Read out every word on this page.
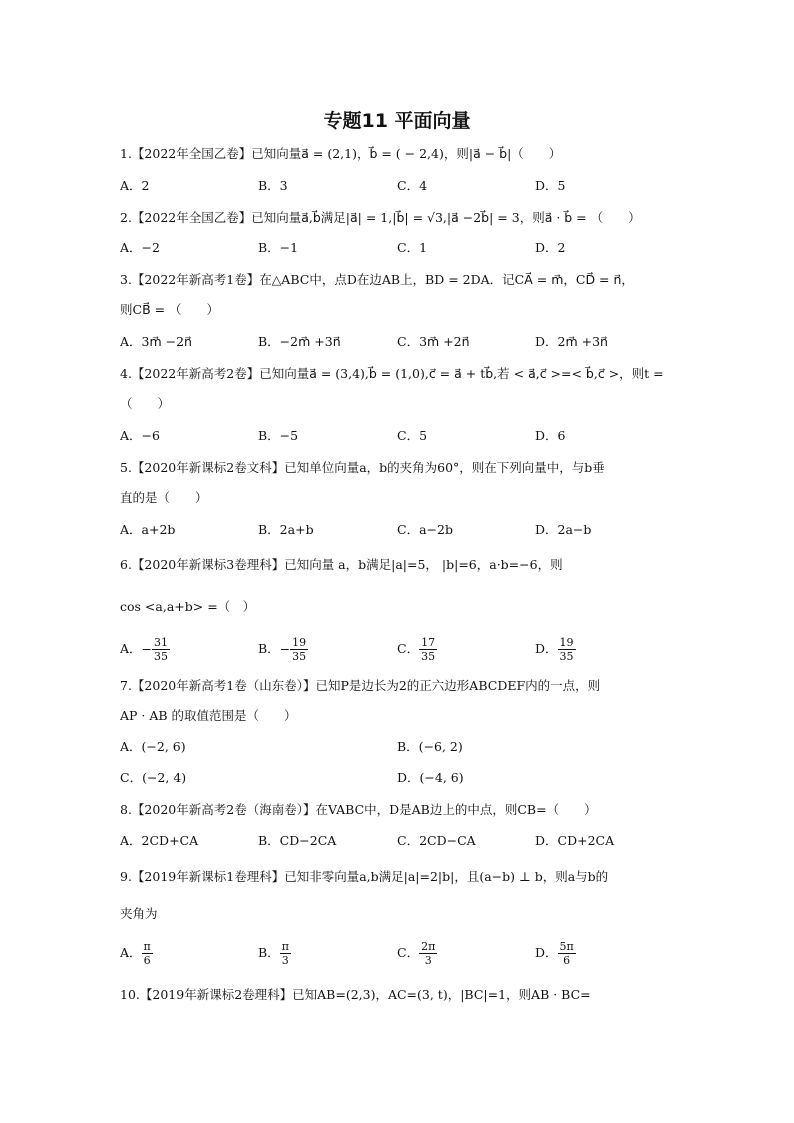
专题11 平面向量
1.【2022年全国乙卷】已知向量a⃗ = (2,1)，b⃗ = ( − 2,4)，则|a⃗ − b⃗|（　　）
A．2	B．3	C．4	D．5
2.【2022年全国乙卷】已知向量a⃗,b⃗满足|a⃗| = 1,|b⃗| = √3,|a⃗ −2b⃗| = 3，则a⃗ · b⃗ = （　　）
A．−2	B．−1	C．1	D．2
3.【2022年新高考1卷】在△ABC中，点D在边AB上，BD = 2DA．记CA⃗ = m⃗，CD⃗ = n⃗，
则CB⃗ = （　　）
A．3m⃗ −2n⃗	B．−2m⃗ +3n⃗	C．3m⃗ +2n⃗	D．2m⃗ +3n⃗
4.【2022年新高考2卷】已知向量a⃗ = (3,4),b⃗ = (1,0),c⃗ = a⃗ + tb⃗,若 < a⃗,c⃗ >=< b⃗,c⃗ >，则t =
（　　）
A．−6	B．−5	C．5	D．6
5.【2020年新课标2卷文科】已知单位向量a，b的夹角为60°，则在下列向量中，与b垂
直的是（　　）
A．a+2b	B．2a+b	C．a−2b	D．2a−b
6.【2020年新课标3卷理科】已知向量 a，b满足|a|=5， |b|=6，a·b=−6，则
cos <a,a+b> =（　）
A．− $\frac{31}{35}$	B．− $\frac{19}{35}$	C． $\frac{17}{35}$	D． $\frac{19}{35}$
7.【2020年新高考1卷（山东卷）】已知P是边长为2的正六边形ABCDEF内的一点，则
AP · AB 的取值范围是（　　）
A．(−2, 6)	B．(−6, 2)
C．(−2, 4)	D．(−4, 6)
8.【2020年新高考2卷（海南卷）】在VABC中，D是AB边上的中点，则CB=（　　）
A．2CD+CA	B．CD−2CA	C．2CD−CA	D．CD+2CA
9.【2019年新课标1卷理科】已知非零向量a,b满足|a|=2|b|，且(a−b) ⊥ b，则a与b的
夹角为
A． $\frac{\pi}{6}$	B． $\frac{\pi}{3}$	C． $\frac{2\pi}{3}$	D． $\frac{5\pi}{6}$
10.【2019年新课标2卷理科】已知AB=(2,3)，AC=(3, t)，|BC|=1，则AB · BC=
